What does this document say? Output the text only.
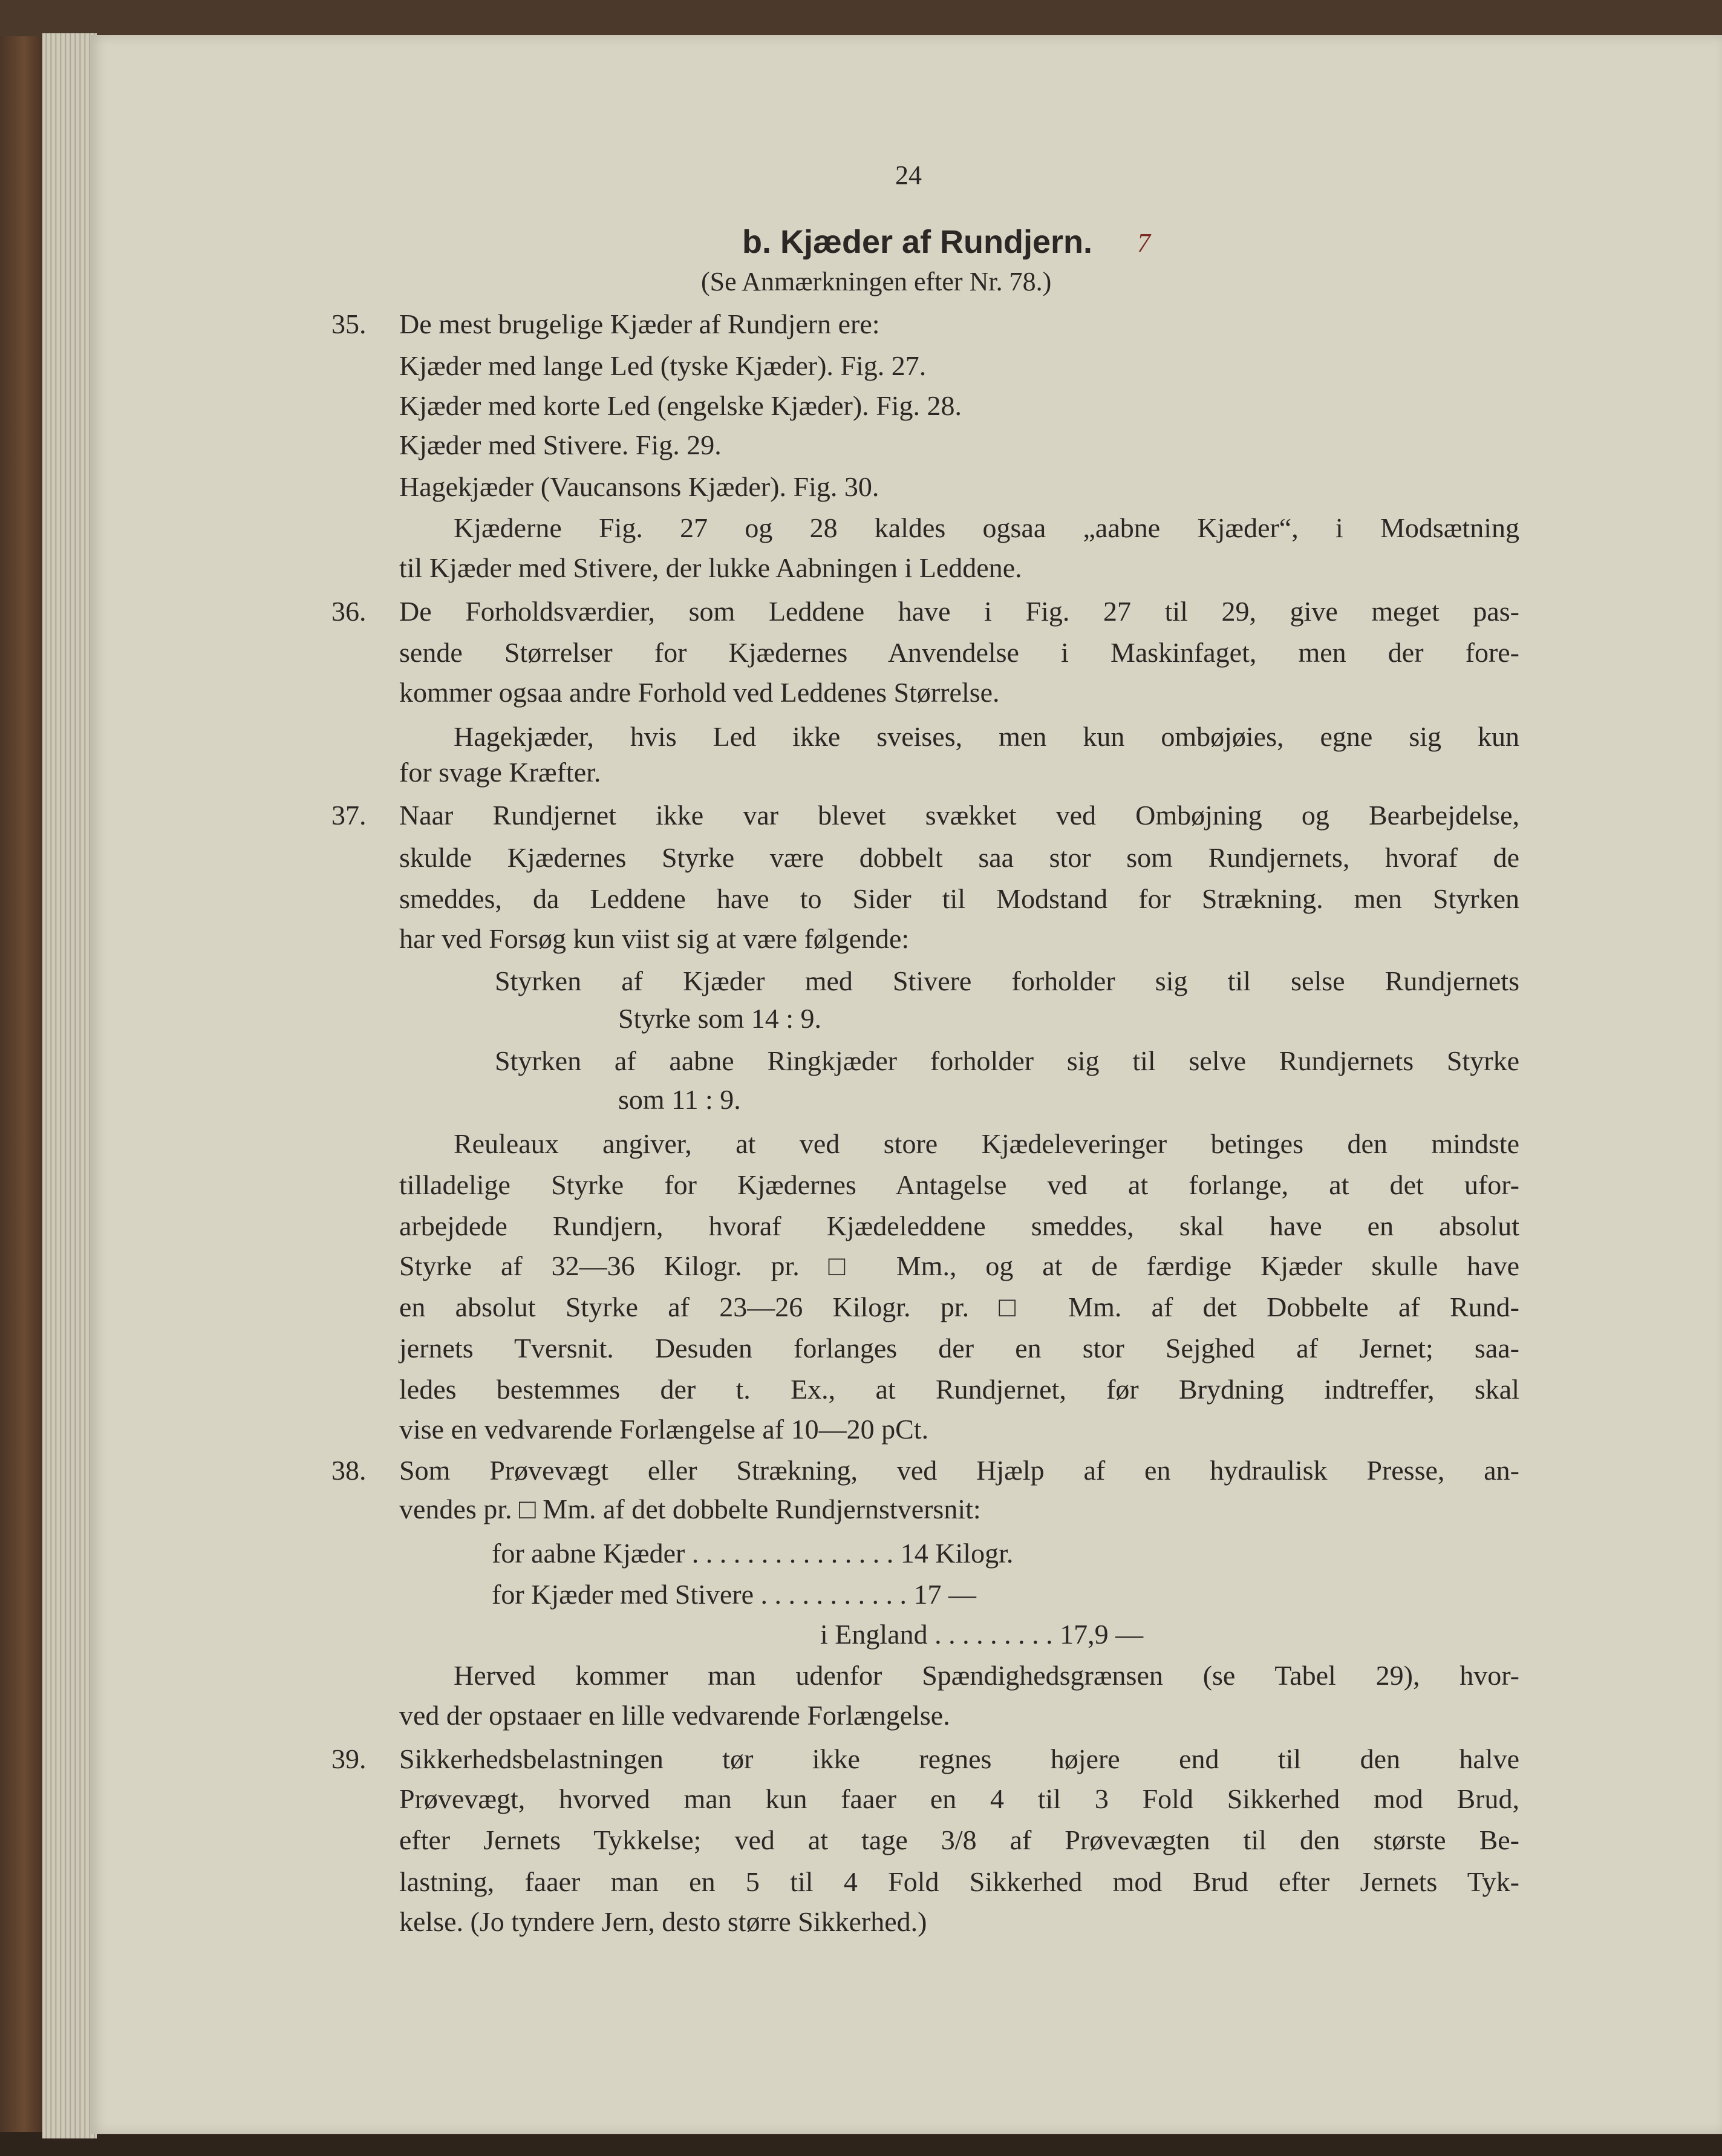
24
b. Kjæder af Rundjern.
(Se Anmærkningen efter Nr. 78.)
7
35. De mest brugelige Kjæder af Rundjern ere:
Kjæder med lange Led (tyske Kjæder). Fig. 27.
Kjæder med korte Led (engelske Kjæder). Fig. 28.
Kjæder med Stivere. Fig. 29.
Hagekjæder (Vaucansons Kjæder). Fig. 30.
Kjæderne Fig. 27 og 28 kaldes ogsaa „aabne Kjæder“, i Modsætning
til Kjæder med Stivere, der lukke Aabningen i Leddene.
36. De Forholdsværdier, som Leddene have i Fig. 27 til 29, give meget pas-
sende Størrelser for Kjædernes Anvendelse i Maskinfaget, men der fore-
kommer ogsaa andre Forhold ved Leddenes Størrelse.
Hagekjæder, hvis Led ikke sveises, men kun ombøjøies, egne sig kun
for svage Kræfter.
37. Naar Rundjernet ikke var blevet svækket ved Ombøjning og Bearbejdelse,
skulde Kjædernes Styrke være dobbelt saa stor som Rundjernets, hvoraf de
smeddes, da Leddene have to Sider til Modstand for Strækning. men Styrken
har ved Forsøg kun viist sig at være følgende:
Styrken af Kjæder med Stivere forholder sig til selse Rundjernets
Styrke som 14 : 9.
Styrken af aabne Ringkjæder forholder sig til selve Rundjernets Styrke
som 11 : 9.
Reuleaux angiver, at ved store Kjædeleveringer betinges den mindste
tilladelige Styrke for Kjædernes Antagelse ved at forlange, at det ufor-
arbejdede Rundjern, hvoraf Kjædeleddene smeddes, skal have en absolut
Styrke af 32—36 Kilogr. pr. □ Mm., og at de færdige Kjæder skulle have
en absolut Styrke af 23—26 Kilogr. pr. □ Mm. af det Dobbelte af Rund-
jernets Tversnit. Desuden forlanges der en stor Sejghed af Jernet; saa-
ledes bestemmes der t. Ex., at Rundjernet, før Brydning indtreffer, skal
vise en vedvarende Forlængelse af 10—20 pCt.
38. Som Prøvevægt eller Strækning, ved Hjælp af en hydraulisk Presse, an-
vendes pr. □ Mm. af det dobbelte Rundjernstversnit:
for aabne Kjæder . . . . . . . . . . . . . . . 14 Kilogr.
for Kjæder med Stivere . . . . . . . . . . . 17 —
i England . . . . . . . . . 17,9 —
Herved kommer man udenfor Spændighedsgrænsen (se Tabel 29), hvor-
ved der opstaaer en lille vedvarende Forlængelse.
39. Sikkerhedsbelastningen tør ikke regnes højere end til den halve
Prøvevægt, hvorved man kun faaer en 4 til 3 Fold Sikkerhed mod Brud,
efter Jernets Tykkelse; ved at tage 3/8 af Prøvevægten til den største Be-
lastning, faaer man en 5 til 4 Fold Sikkerhed mod Brud efter Jernets Tyk-
kelse. (Jo tyndere Jern, desto større Sikkerhed.)
